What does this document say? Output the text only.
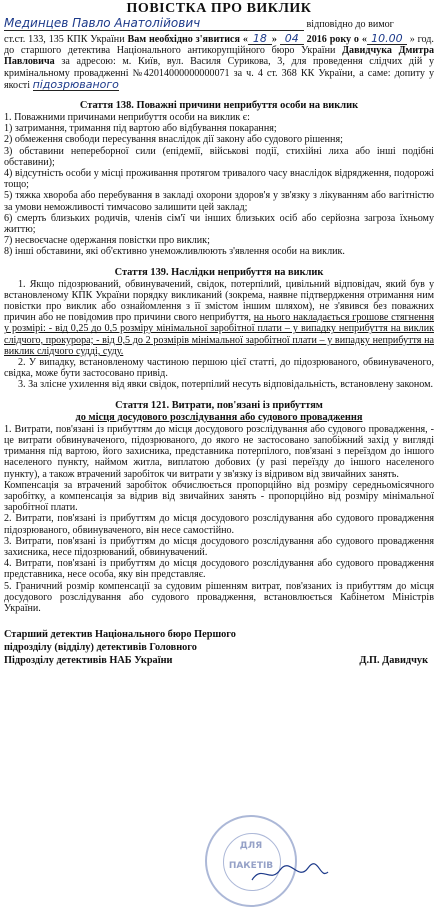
ПОВІСТКА ПРО ВИКЛИК
Мединцев Павло Анатолійович	відповідно до вимог
ст.ст. 133, 135 КПК України Вам необхідно з'явитися « 18 » 04 2016 року о « 10.00 » год. до старшого детектива Національного антикорупційного бюро України Давидчука Дмитра Павловича за адресою: м. Київ, вул. Василя Сурикова, 3, для проведення слідчих дій у кримінальному провадженні №42014000000000071 за ч. 4 ст. 368 КК України, а саме: допиту у якості підозрюваного
Стаття 138. Поважні причини неприбуття особи на виклик
1. Поважними причинами неприбуття особи на виклик є:
1) затримання, тримання під вартою або відбування покарання;
2) обмеження свободи пересування внаслідок дії закону або судового рішення;
3) обставини непереборної сили (епідемії, військові події, стихійні лиха або інші подібні обставини);
4) відсутність особи у місці проживання протягом тривалого часу внаслідок відрядження, подорожі тощо;
5) тяжка хвороба або перебування в закладі охорони здоров'я у зв'язку з лікуванням або вагітністю за умови неможливості тимчасово залишити цей заклад;
6) смерть близьких родичів, членів сім'ї чи інших близьких осіб або серйозна загроза їхньому життю;
7) несвоєчасне одержання повістки про виклик;
8) інші обставини, які об'єктивно унеможливлюють з'явлення особи на виклик.
Стаття 139. Наслідки неприбуття на виклик
1. Якщо підозрюваний, обвинувачений, свідок, потерпілий, цивільний відповідач, який був у встановленому КПК України порядку викликаний (зокрема, наявне підтвердження отримання ним повістки про виклик або ознайомлення з її змістом іншим шляхом), не з'явився без поважних причин або не повідомив про причини свого неприбуття, на нього накладається грошове стягнення у розмірі: - від 0,25 до 0,5 розміру мінімальної заробітної плати – у випадку неприбуття на виклик слідчого, прокурора; - від 0,5 до 2 розмірів мінімальної заробітної плати – у випадку неприбуття на виклик слідчого судді, суду.
2. У випадку, встановленому частиною першою цієї статті, до підозрюваного, обвинуваченого, свідка, може бути застосовано привід.
3. За злісне ухилення від явки свідок, потерпілий несуть відповідальність, встановлену законом.
Стаття 121. Витрати, пов'язані із прибуттям
до місця досудового розслідування або судового провадження
1. Витрати, пов'язані із прибуттям до місця досудового розслідування або судового провадження, - це витрати обвинуваченого, підозрюваного, до якого не застосовано запобіжний захід у вигляді тримання під вартою, його захисника, представника потерпілого, пов'язані з переїздом до іншого населеного пункту, наймом житла, виплатою добових (у разі переїзду до іншого населеного пункту), а також втрачений заробіток чи витрати у зв'язку із відривом від звичайних занять.
Компенсація за втрачений заробіток обчислюється пропорційно від розміру середньомісячного заробітку, а компенсація за відрив від звичайних занять - пропорційно від розміру мінімальної заробітної плати.
2. Витрати, пов'язані із прибуттям до місця досудового розслідування або судового провадження підозрюваного, обвинуваченого, він несе самостійно.
3. Витрати, пов'язані із прибуттям до місця досудового розслідування або судового провадження захисника, несе підозрюваний, обвинувачений.
4. Витрати, пов'язані із прибуттям до місця досудового розслідування або судового провадження представника, несе особа, яку він представляє.
5. Граничний розмір компенсації за судовим рішенням витрат, пов'язаних із прибуттям до місця досудового розслідування або судового провадження, встановлюється Кабінетом Міністрів України.
Старший детектив Національного бюро Першого
підрозділу (відділу) детективів Головного
Підрозділу детективів НАБ України	Д.П. Давидчук
ДЛЯ
ПАКЕТІВ
